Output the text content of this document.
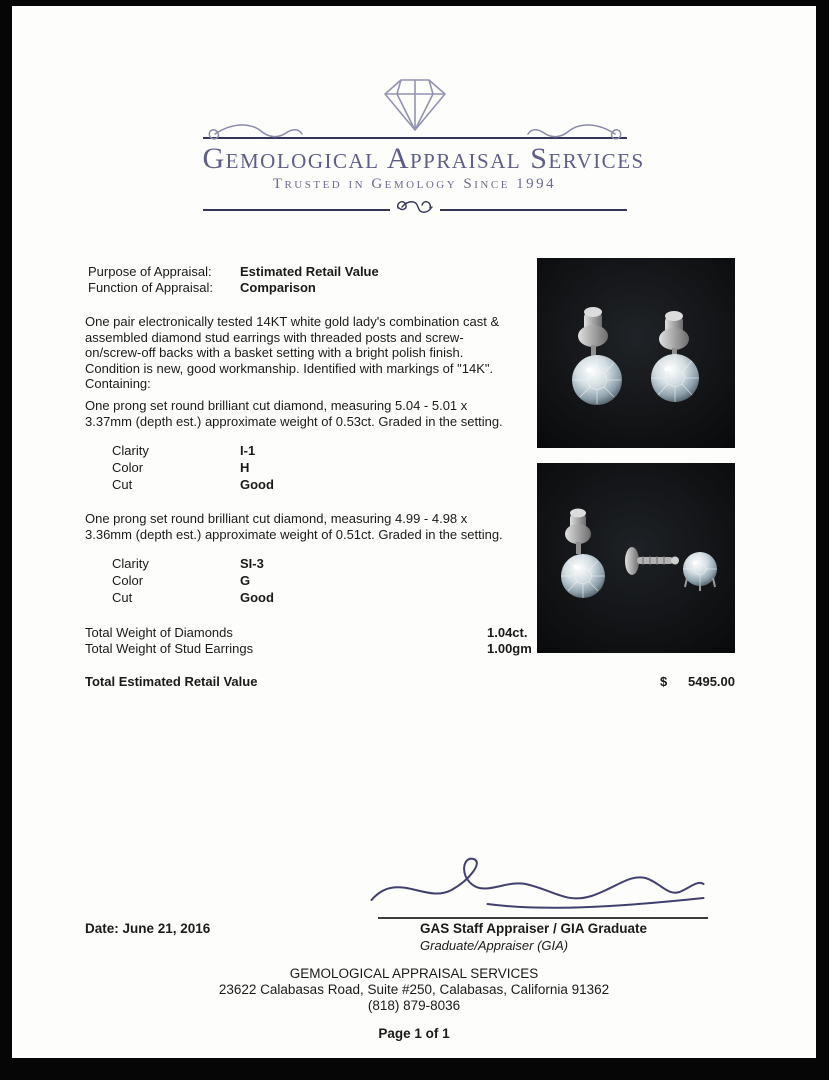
Gemological Appraisal Services
Trusted in Gemology Since 1994
Purpose of Appraisal: Estimated Retail Value
Function of Appraisal: Comparison

One pair electronically tested 14KT white gold lady's combination cast & assembled diamond stud earrings with threaded posts and screw-on/screw-off backs with a basket setting with a bright polish finish. Condition is new, good workmanship. Identified with markings of "14K". Containing:

One prong set round brilliant cut diamond, measuring 5.04 - 5.01 x 3.37mm (depth est.) approximate weight of 0.53ct. Graded in the setting.

Clarity	I-1
Color	H
Cut	Good

One prong set round brilliant cut diamond, measuring 4.99 - 4.98 x 3.36mm (depth est.) approximate weight of 0.51ct. Graded in the setting.

Clarity	SI-3
Color	G
Cut	Good
Total Weight of Diamonds	1.04ct.
Total Weight of Stud Earrings	1.00gm
Total Estimated Retail Value	$	5495.00
Date: June 21, 2016	GAS Staff Appraiser / GIA Graduate
Graduate/Appraiser (GIA)
GEMOLOGICAL APPRAISAL SERVICES
23622 Calabasas Road, Suite #250, Calabasas, California 91362
(818) 879-8036
Page 1 of 1
